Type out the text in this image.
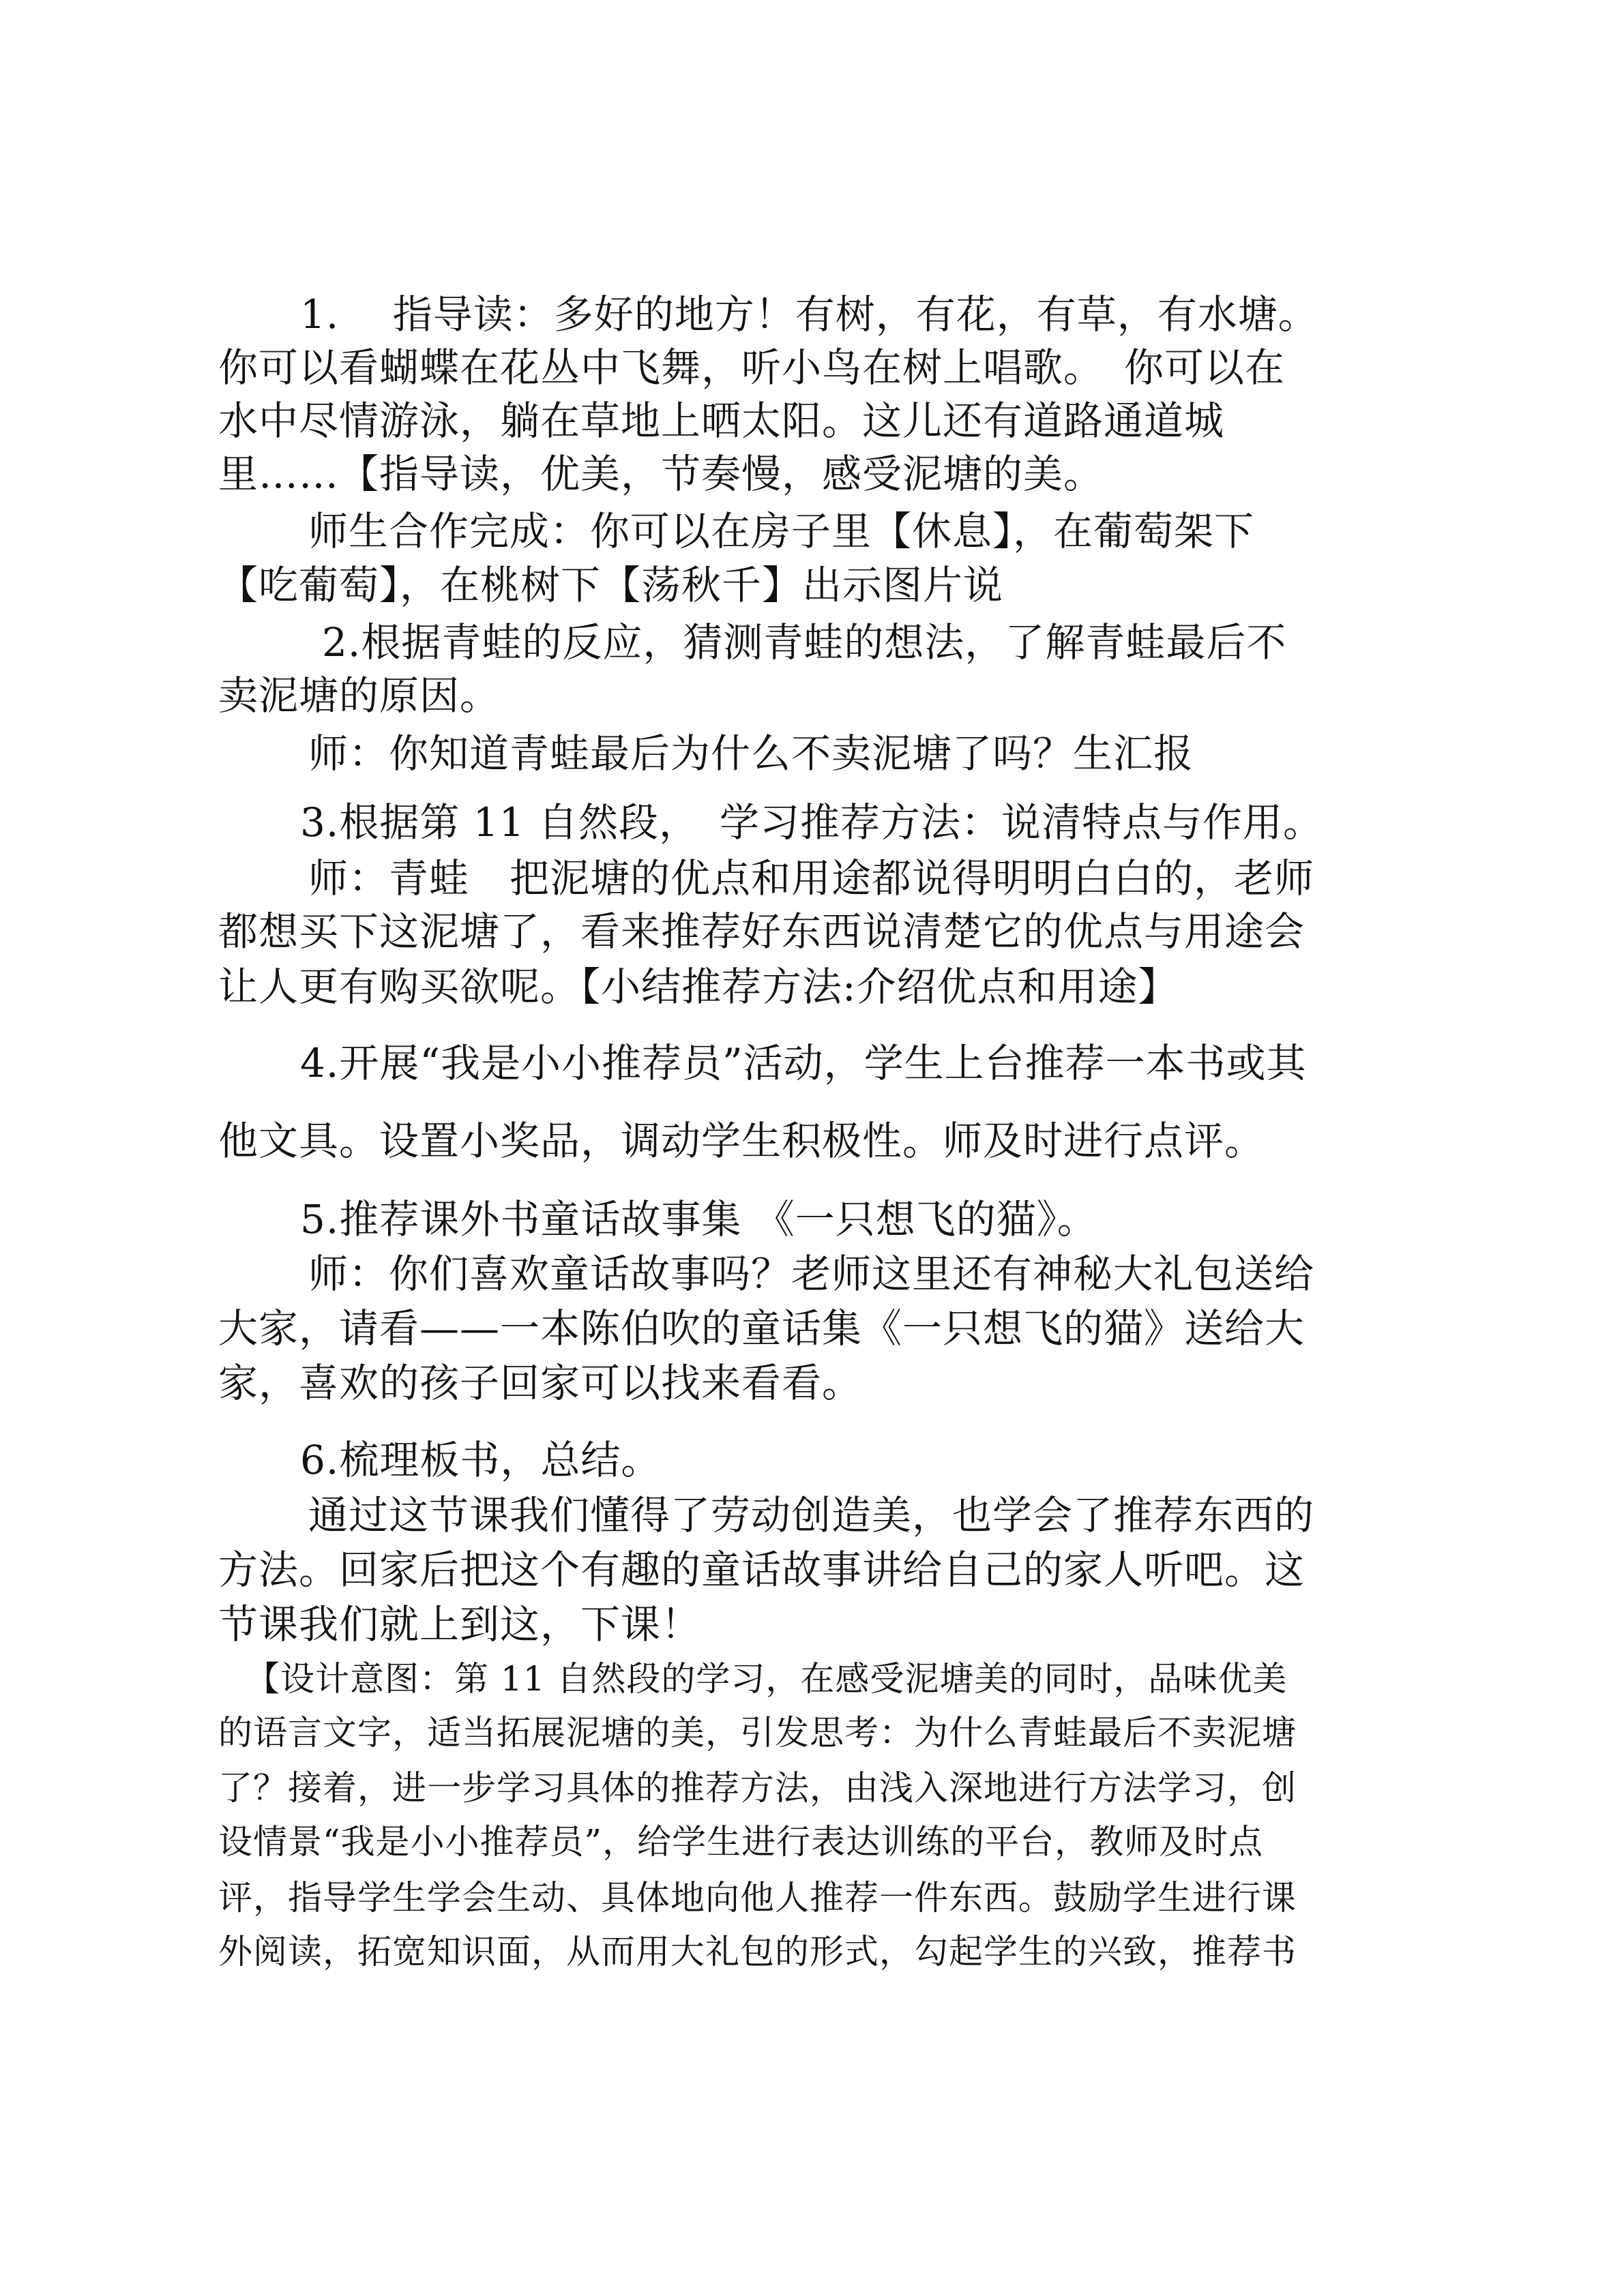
1.　 指导读：多好的地方！有树，有花，有草，有水塘。
你可以看蝴蝶在花丛中飞舞，听小鸟在树上唱歌。　你可以在
水中尽情游泳，躺在草地上晒太阳。这儿还有道路通道城
里……【指导读，优美，节奏慢，感受泥塘的美。
师生合作完成：你可以在房子里【休息】，在葡萄架下
【吃葡萄】，在桃树下【荡秋千】出示图片说
2.根据青蛙的反应，猜测青蛙的想法，了解青蛙最后不
卖泥塘的原因。
师：你知道青蛙最后为什么不卖泥塘了吗？生汇报
3.根据第 11 自然段，　学习推荐方法：说清特点与作用。
师：青蛙　把泥塘的优点和用途都说得明明白白的，老师
都想买下这泥塘了，看来推荐好东西说清楚它的优点与用途会
让人更有购买欲呢。【小结推荐方法:介绍优点和用途】
4.开展“我是小小推荐员”活动，学生上台推荐一本书或其
他文具。设置小奖品，调动学生积极性。师及时进行点评。
5.推荐课外书童话故事集 《一只想飞的猫》。
师：你们喜欢童话故事吗？老师这里还有神秘大礼包送给
大家，请看——一本陈伯吹的童话集《一只想飞的猫》送给大
家，喜欢的孩子回家可以找来看看。
6.梳理板书，总结。
通过这节课我们懂得了劳动创造美，也学会了推荐东西的
方法。回家后把这个有趣的童话故事讲给自己的家人听吧。这
节课我们就上到这，下课！
【设计意图：第 11 自然段的学习，在感受泥塘美的同时，品味优美
的语言文字，适当拓展泥塘的美，引发思考：为什么青蛙最后不卖泥塘
了？接着，进一步学习具体的推荐方法，由浅入深地进行方法学习，创
设情景“我是小小推荐员”，给学生进行表达训练的平台，教师及时点
评，指导学生学会生动、具体地向他人推荐一件东西。鼓励学生进行课
外阅读，拓宽知识面，从而用大礼包的形式，勾起学生的兴致，推荐书
